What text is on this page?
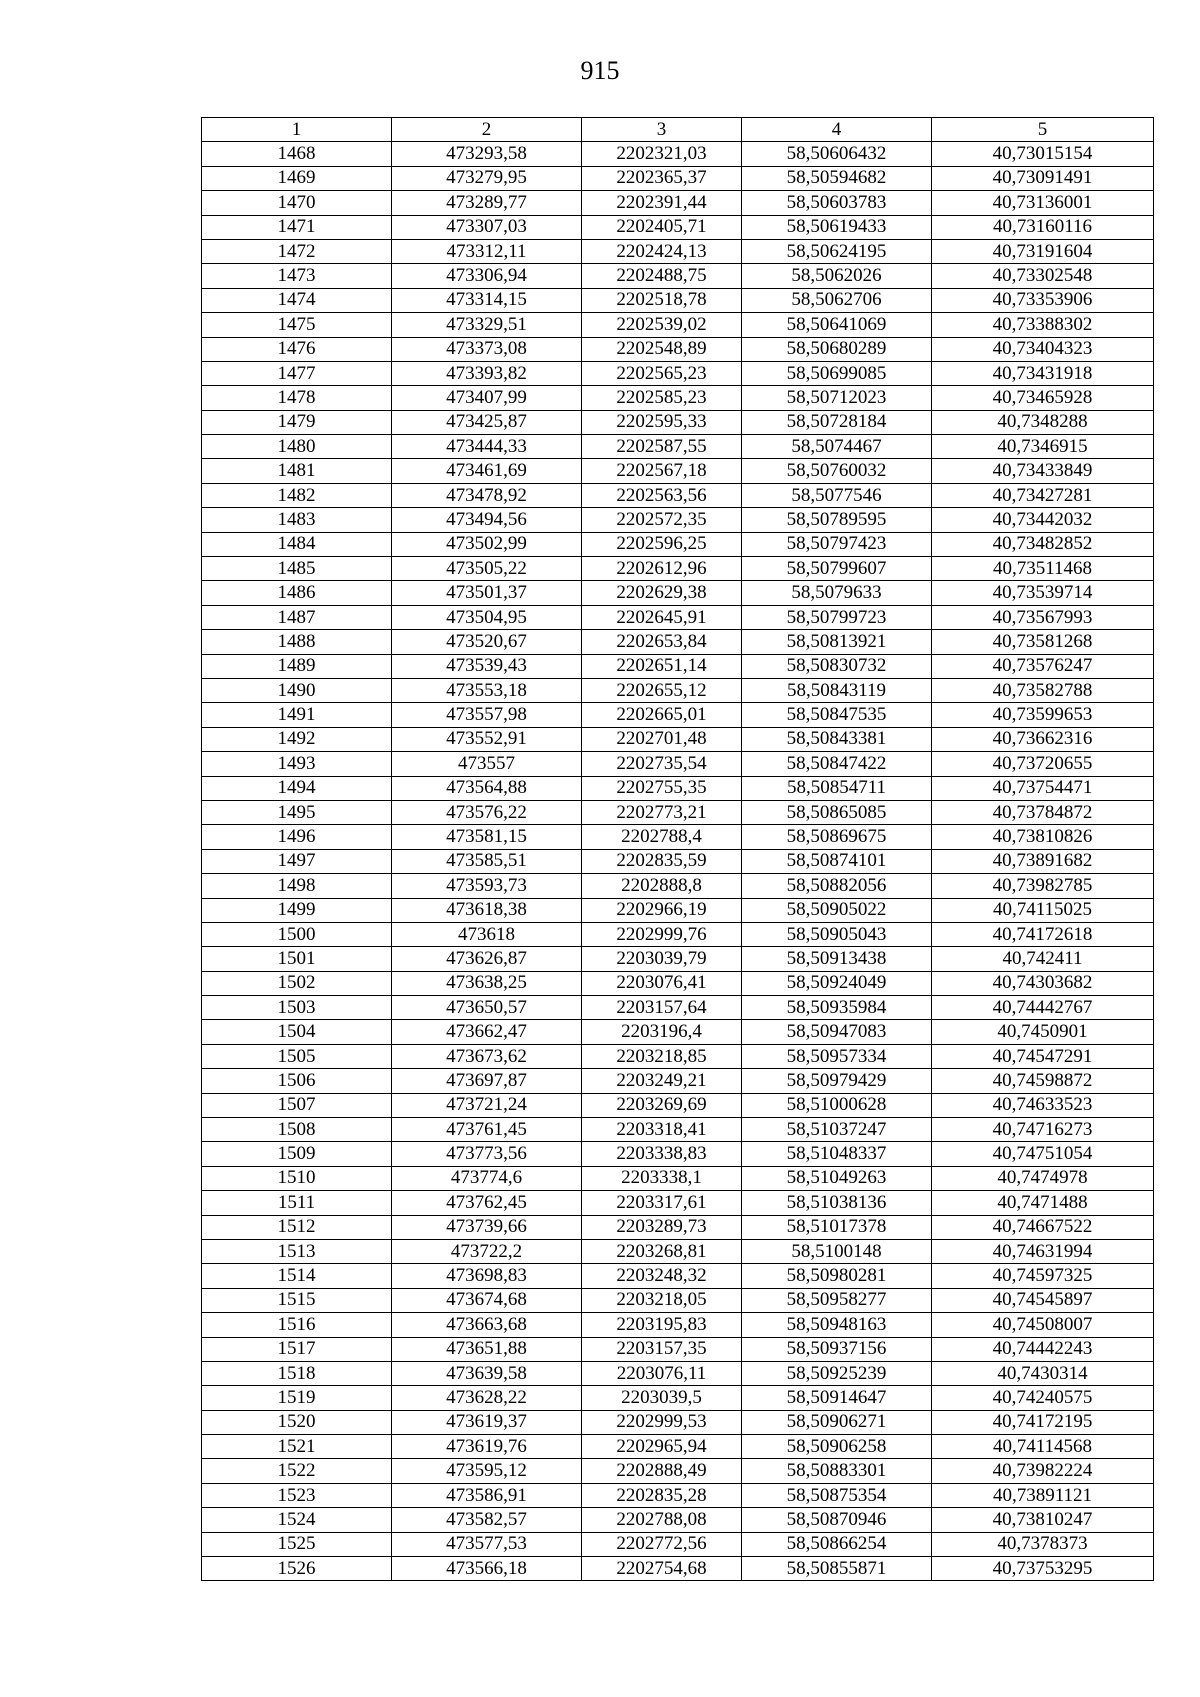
915
1	2	3	4	5
1468	473293,58	2202321,03	58,50606432	40,73015154
1469	473279,95	2202365,37	58,50594682	40,73091491
1470	473289,77	2202391,44	58,50603783	40,73136001
1471	473307,03	2202405,71	58,50619433	40,73160116
1472	473312,11	2202424,13	58,50624195	40,73191604
1473	473306,94	2202488,75	58,5062026	40,73302548
1474	473314,15	2202518,78	58,5062706	40,73353906
1475	473329,51	2202539,02	58,50641069	40,73388302
1476	473373,08	2202548,89	58,50680289	40,73404323
1477	473393,82	2202565,23	58,50699085	40,73431918
1478	473407,99	2202585,23	58,50712023	40,73465928
1479	473425,87	2202595,33	58,50728184	40,7348288
1480	473444,33	2202587,55	58,5074467	40,7346915
1481	473461,69	2202567,18	58,50760032	40,73433849
1482	473478,92	2202563,56	58,5077546	40,73427281
1483	473494,56	2202572,35	58,50789595	40,73442032
1484	473502,99	2202596,25	58,50797423	40,73482852
1485	473505,22	2202612,96	58,50799607	40,73511468
1486	473501,37	2202629,38	58,5079633	40,73539714
1487	473504,95	2202645,91	58,50799723	40,73567993
1488	473520,67	2202653,84	58,50813921	40,73581268
1489	473539,43	2202651,14	58,50830732	40,73576247
1490	473553,18	2202655,12	58,50843119	40,73582788
1491	473557,98	2202665,01	58,50847535	40,73599653
1492	473552,91	2202701,48	58,50843381	40,73662316
1493	473557	2202735,54	58,50847422	40,73720655
1494	473564,88	2202755,35	58,50854711	40,73754471
1495	473576,22	2202773,21	58,50865085	40,73784872
1496	473581,15	2202788,4	58,50869675	40,73810826
1497	473585,51	2202835,59	58,50874101	40,73891682
1498	473593,73	2202888,8	58,50882056	40,73982785
1499	473618,38	2202966,19	58,50905022	40,74115025
1500	473618	2202999,76	58,50905043	40,74172618
1501	473626,87	2203039,79	58,50913438	40,742411
1502	473638,25	2203076,41	58,50924049	40,74303682
1503	473650,57	2203157,64	58,50935984	40,74442767
1504	473662,47	2203196,4	58,50947083	40,7450901
1505	473673,62	2203218,85	58,50957334	40,74547291
1506	473697,87	2203249,21	58,50979429	40,74598872
1507	473721,24	2203269,69	58,51000628	40,74633523
1508	473761,45	2203318,41	58,51037247	40,74716273
1509	473773,56	2203338,83	58,51048337	40,74751054
1510	473774,6	2203338,1	58,51049263	40,7474978
1511	473762,45	2203317,61	58,51038136	40,7471488
1512	473739,66	2203289,73	58,51017378	40,74667522
1513	473722,2	2203268,81	58,5100148	40,74631994
1514	473698,83	2203248,32	58,50980281	40,74597325
1515	473674,68	2203218,05	58,50958277	40,74545897
1516	473663,68	2203195,83	58,50948163	40,74508007
1517	473651,88	2203157,35	58,50937156	40,74442243
1518	473639,58	2203076,11	58,50925239	40,7430314
1519	473628,22	2203039,5	58,50914647	40,74240575
1520	473619,37	2202999,53	58,50906271	40,74172195
1521	473619,76	2202965,94	58,50906258	40,74114568
1522	473595,12	2202888,49	58,50883301	40,73982224
1523	473586,91	2202835,28	58,50875354	40,73891121
1524	473582,57	2202788,08	58,50870946	40,73810247
1525	473577,53	2202772,56	58,50866254	40,7378373
1526	473566,18	2202754,68	58,50855871	40,73753295
